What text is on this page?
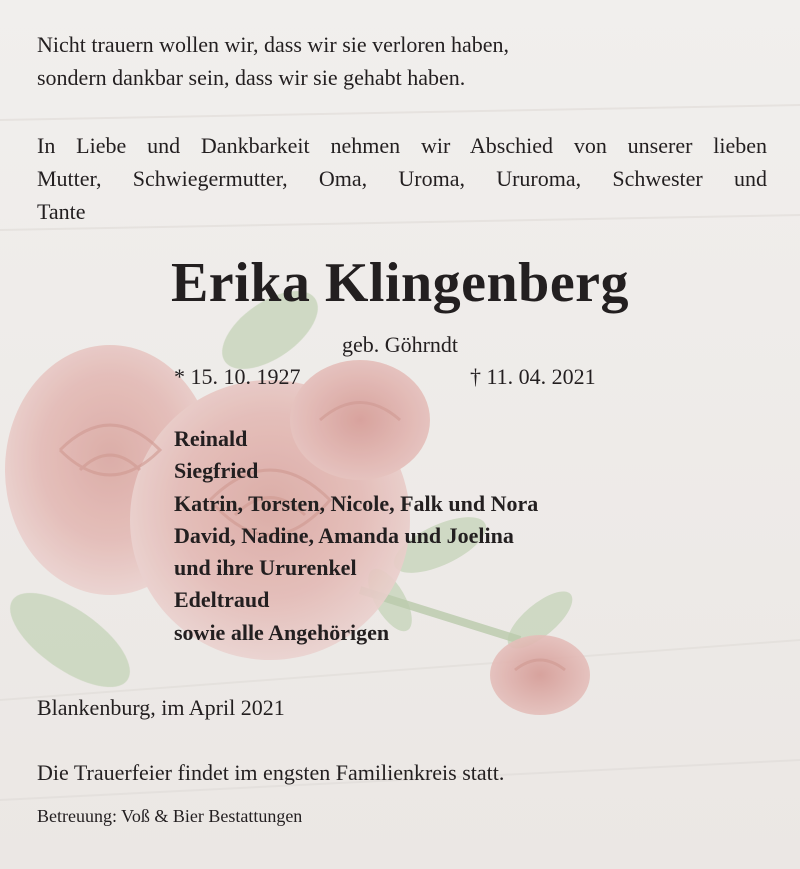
Nicht trauern wollen wir, dass wir sie verloren haben,
sondern dankbar sein, dass wir sie gehabt haben.
In Liebe und Dankbarkeit nehmen wir Abschied von unserer lieben
Mutter, Schwiegermutter, Oma, Uroma, Ururoma, Schwester und
Tante
Erika Klingenberg
geb. Göhrndt
* 15. 10. 1927	† 11. 04. 2021
Reinald
Siegfried
Katrin, Torsten, Nicole, Falk und Nora
David, Nadine, Amanda und Joelina
und ihre Ururenkel
Edeltraud
sowie alle Angehörigen
Blankenburg, im April 2021
Die Trauerfeier findet im engsten Familienkreis statt.
Betreuung: Voß & Bier Bestattungen
